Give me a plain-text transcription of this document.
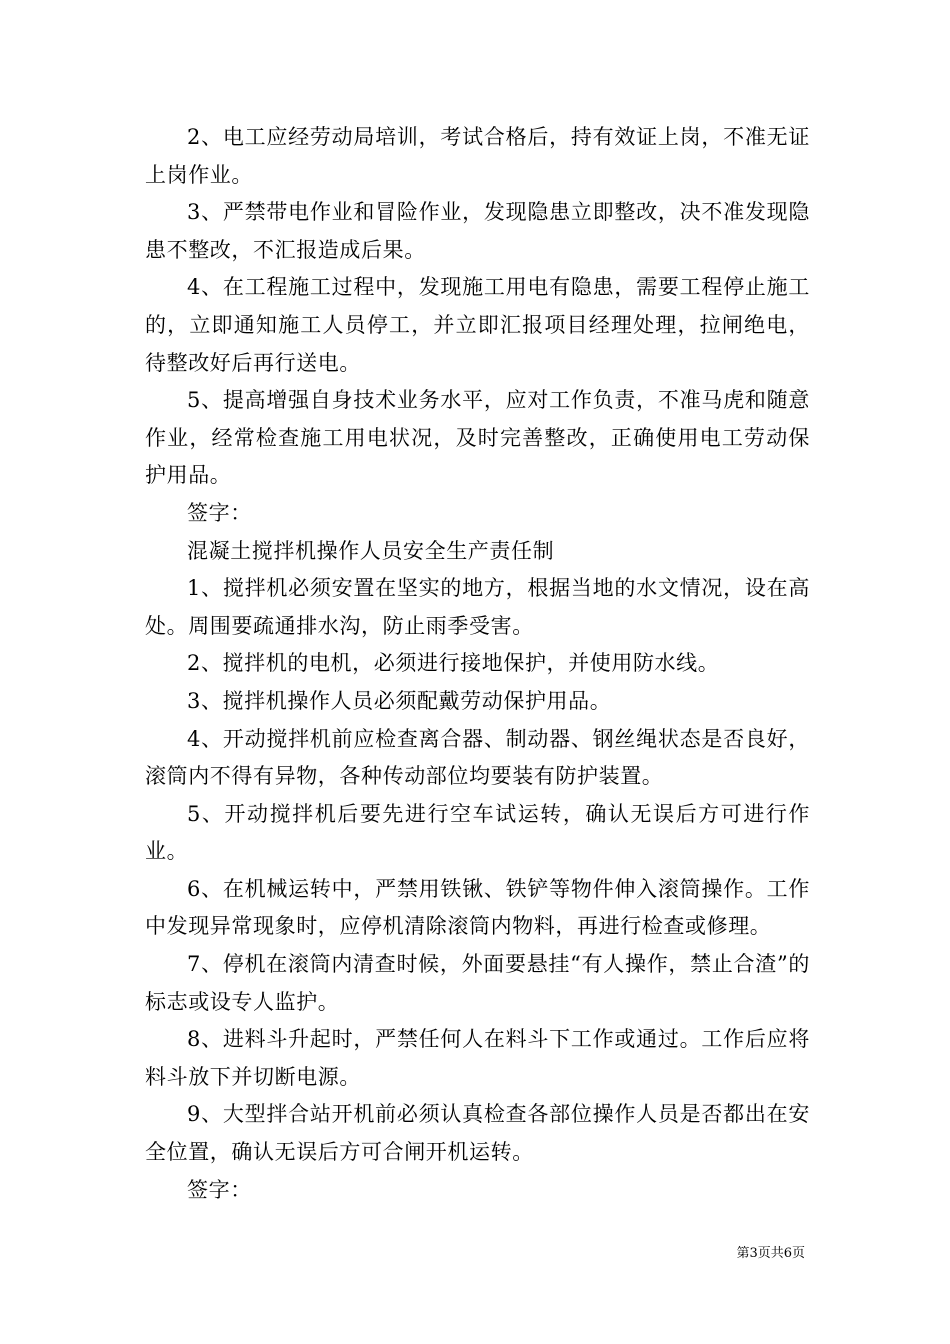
2、电工应经劳动局培训，考试合格后，持有效证上岗，不准无证上岗作业。

3、严禁带电作业和冒险作业，发现隐患立即整改，决不准发现隐患不整改，不汇报造成后果。

4、在工程施工过程中，发现施工用电有隐患，需要工程停止施工的，立即通知施工人员停工，并立即汇报项目经理处理，拉闸绝电，待整改好后再行送电。

5、提高增强自身技术业务水平，应对工作负责，不准马虎和随意作业，经常检查施工用电状况，及时完善整改，正确使用电工劳动保护用品。

签字：

混凝土搅拌机操作人员安全生产责任制

1、搅拌机必须安置在坚实的地方，根据当地的水文情况，设在高处。周围要疏通排水沟，防止雨季受害。

2、搅拌机的电机，必须进行接地保护，并使用防水线。

3、搅拌机操作人员必须配戴劳动保护用品。

4、开动搅拌机前应检查离合器、制动器、钢丝绳状态是否良好，滚筒内不得有异物，各种传动部位均要装有防护装置。

5、开动搅拌机后要先进行空车试运转，确认无误后方可进行作业。

6、在机械运转中，严禁用铁锹、铁铲等物件伸入滚筒操作。工作中发现异常现象时，应停机清除滚筒内物料，再进行检查或修理。

7、停机在滚筒内清查时候，外面要悬挂“有人操作，禁止合渣”的标志或设专人监护。

8、进料斗升起时，严禁任何人在料斗下工作或通过。工作后应将料斗放下并切断电源。

9、大型拌合站开机前必须认真检查各部位操作人员是否都出在安全位置，确认无误后方可合闸开机运转。

签字：

第3页共6页
